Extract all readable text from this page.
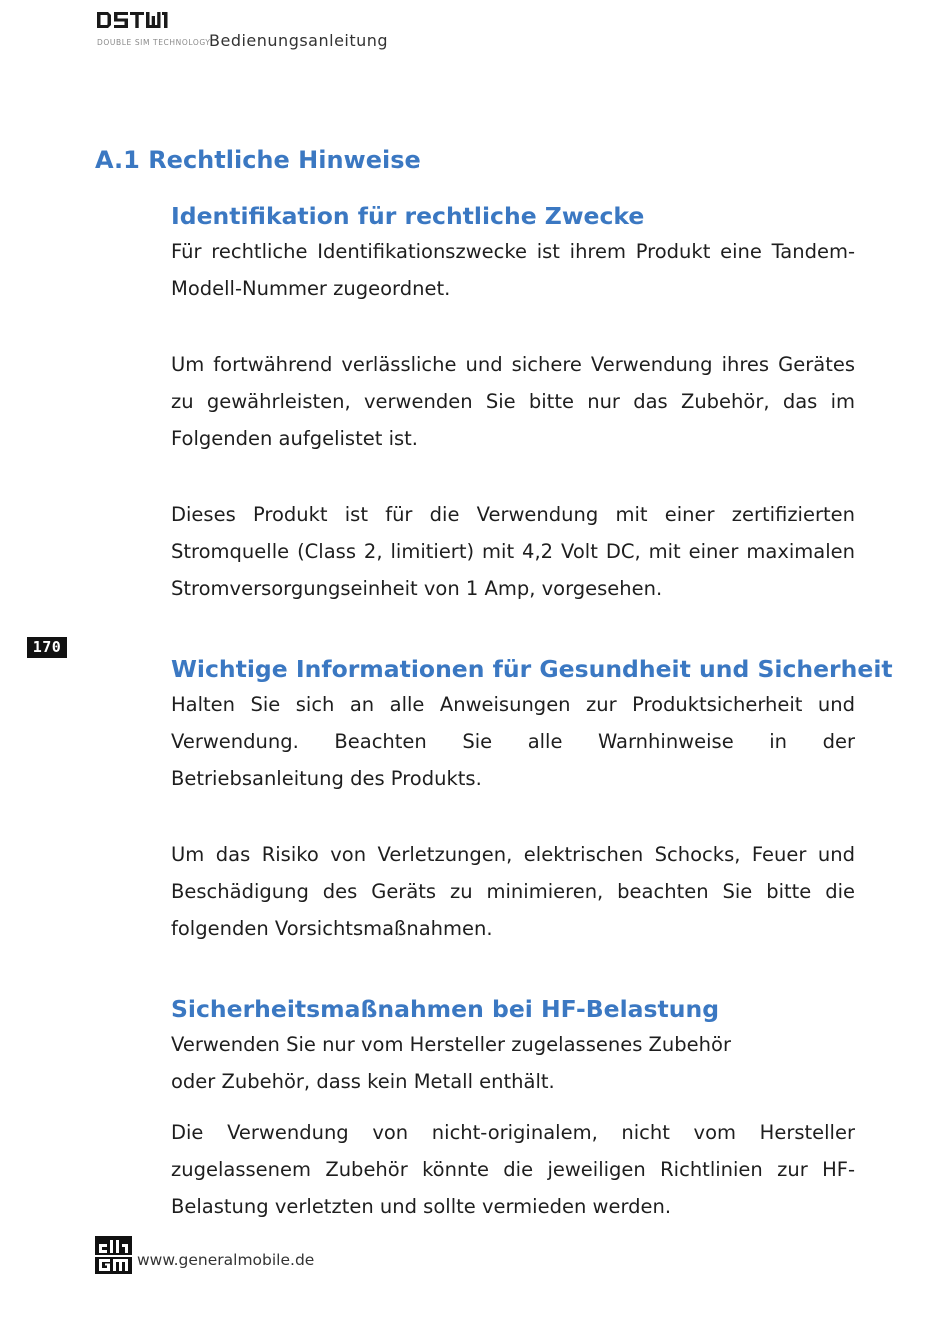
DOUBLE SIM TECHNOLOGY
Bedienungsanleitung
170
A.1 Rechtliche Hinweise
Identifikation für rechtliche Zwecke

Für rechtliche Identifikationszwecke ist ihrem Produkt eine Tandem-Modell-Nummer zugeordnet.

Um fortwährend verlässliche und sichere Verwendung ihres Gerätes zu gewährleisten, verwenden Sie bitte nur das Zubehör, das im Folgenden aufgelistet ist.

Dieses Produkt ist für die Verwendung mit einer zertifizierten Stromquelle (Class 2, limitiert) mit 4,2 Volt DC, mit einer maximalen Stromversorgungseinheit von 1 Amp, vorgesehen.

Wichtige Informationen für Gesundheit und Sicherheit

Halten Sie sich an alle Anweisungen zur Produktsicherheit und Verwendung. Beachten Sie alle Warnhinweise in der Betriebsanleitung des Produkts.

Um das Risiko von Verletzungen, elektrischen Schocks, Feuer und Beschädigung des Geräts zu minimieren, beachten Sie bitte die folgenden Vorsichtsmaßnahmen.

Sicherheitsmaßnahmen bei HF-Belastung

Verwenden Sie nur vom Hersteller zugelassenes Zubehör

oder Zubehör, dass kein Metall enthält.

Die Verwendung von nicht-originalem, nicht vom Hersteller zugelassenem Zubehör könnte die jeweiligen Richtlinien zur HF-Belastung verletzten und sollte vermieden werden.

www.generalmobile.de
